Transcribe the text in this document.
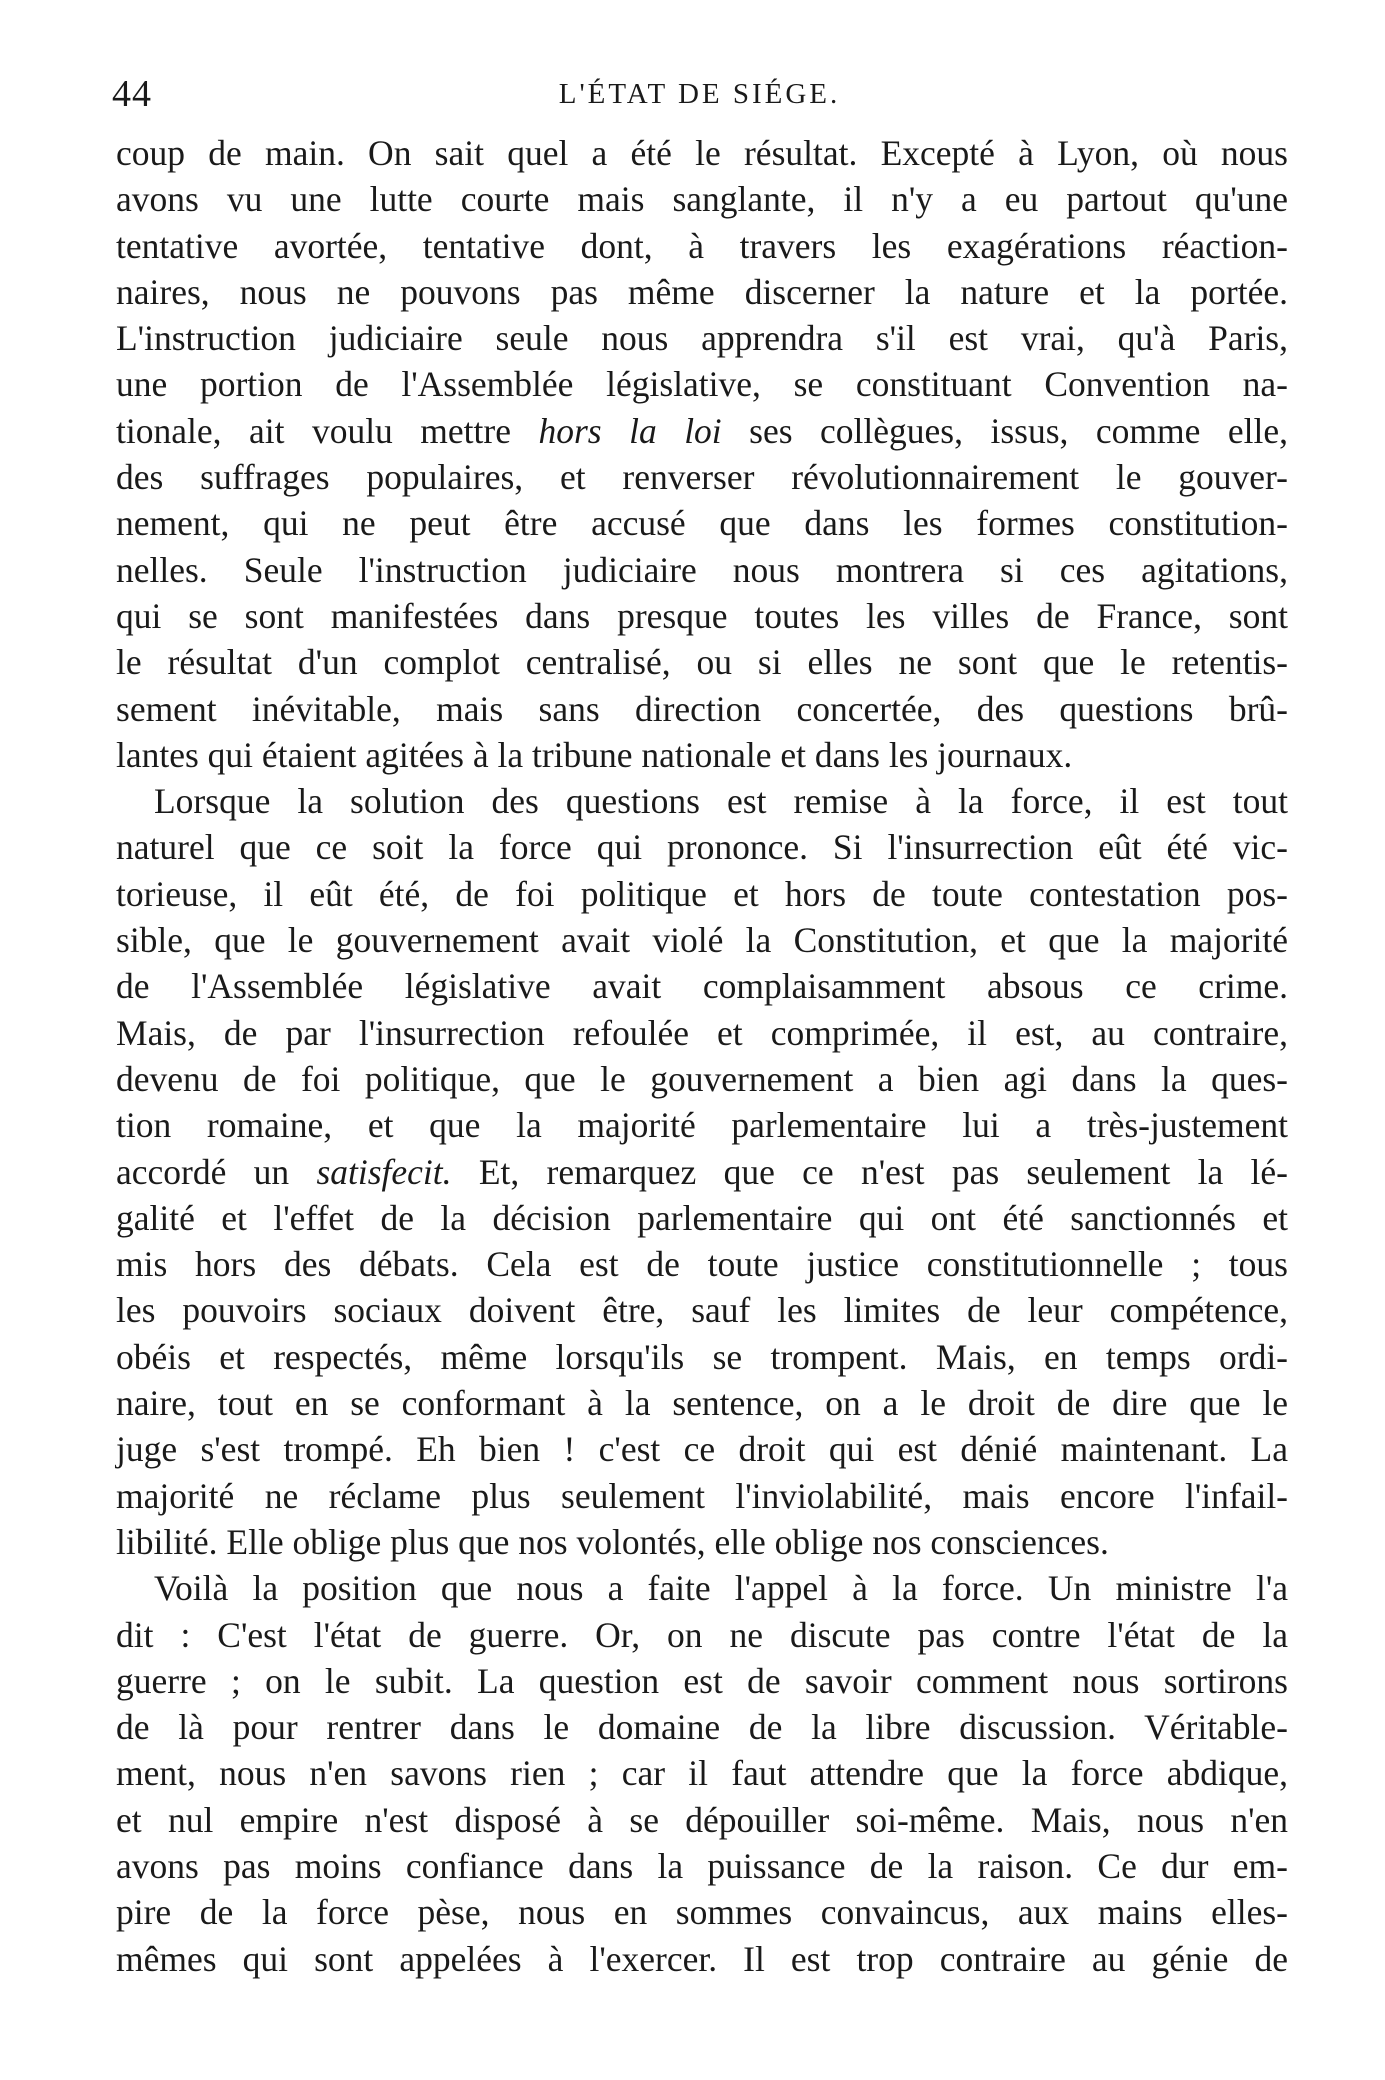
44	L'ÉTAT DE SIÉGE.
coup de main. On sait quel a été le résultat. Excepté à Lyon, où nous
avons vu une lutte courte mais sanglante, il n'y a eu partout qu'une
tentative avortée, tentative dont, à travers les exagérations réaction-
naires, nous ne pouvons pas même discerner la nature et la portée.
L'instruction judiciaire seule nous apprendra s'il est vrai, qu'à Paris,
une portion de l'Assemblée législative, se constituant Convention na-
tionale, ait voulu mettre hors la loi ses collègues, issus, comme elle,
des suffrages populaires, et renverser révolutionnairement le gouver-
nement, qui ne peut être accusé que dans les formes constitution-
nelles. Seule l'instruction judiciaire nous montrera si ces agitations,
qui se sont manifestées dans presque toutes les villes de France, sont
le résultat d'un complot centralisé, ou si elles ne sont que le retentis-
sement inévitable, mais sans direction concertée, des questions brû-
lantes qui étaient agitées à la tribune nationale et dans les journaux.
Lorsque la solution des questions est remise à la force, il est tout
naturel que ce soit la force qui prononce. Si l'insurrection eût été vic-
torieuse, il eût été, de foi politique et hors de toute contestation pos-
sible, que le gouvernement avait violé la Constitution, et que la majorité
de l'Assemblée législative avait complaisamment absous ce crime.
Mais, de par l'insurrection refoulée et comprimée, il est, au contraire,
devenu de foi politique, que le gouvernement a bien agi dans la ques-
tion romaine, et que la majorité parlementaire lui a très-justement
accordé un satisfecit. Et, remarquez que ce n'est pas seulement la lé-
galité et l'effet de la décision parlementaire qui ont été sanctionnés et
mis hors des débats. Cela est de toute justice constitutionnelle ; tous
les pouvoirs sociaux doivent être, sauf les limites de leur compétence,
obéis et respectés, même lorsqu'ils se trompent. Mais, en temps ordi-
naire, tout en se conformant à la sentence, on a le droit de dire que le
juge s'est trompé. Eh bien ! c'est ce droit qui est dénié maintenant. La
majorité ne réclame plus seulement l'inviolabilité, mais encore l'infail-
libilité. Elle oblige plus que nos volontés, elle oblige nos consciences.
Voilà la position que nous a faite l'appel à la force. Un ministre l'a
dit : C'est l'état de guerre. Or, on ne discute pas contre l'état de la
guerre ; on le subit. La question est de savoir comment nous sortirons
de là pour rentrer dans le domaine de la libre discussion. Véritable-
ment, nous n'en savons rien ; car il faut attendre que la force abdique,
et nul empire n'est disposé à se dépouiller soi-même. Mais, nous n'en
avons pas moins confiance dans la puissance de la raison. Ce dur em-
pire de la force pèse, nous en sommes convaincus, aux mains elles-
mêmes qui sont appelées à l'exercer. Il est trop contraire au génie de
